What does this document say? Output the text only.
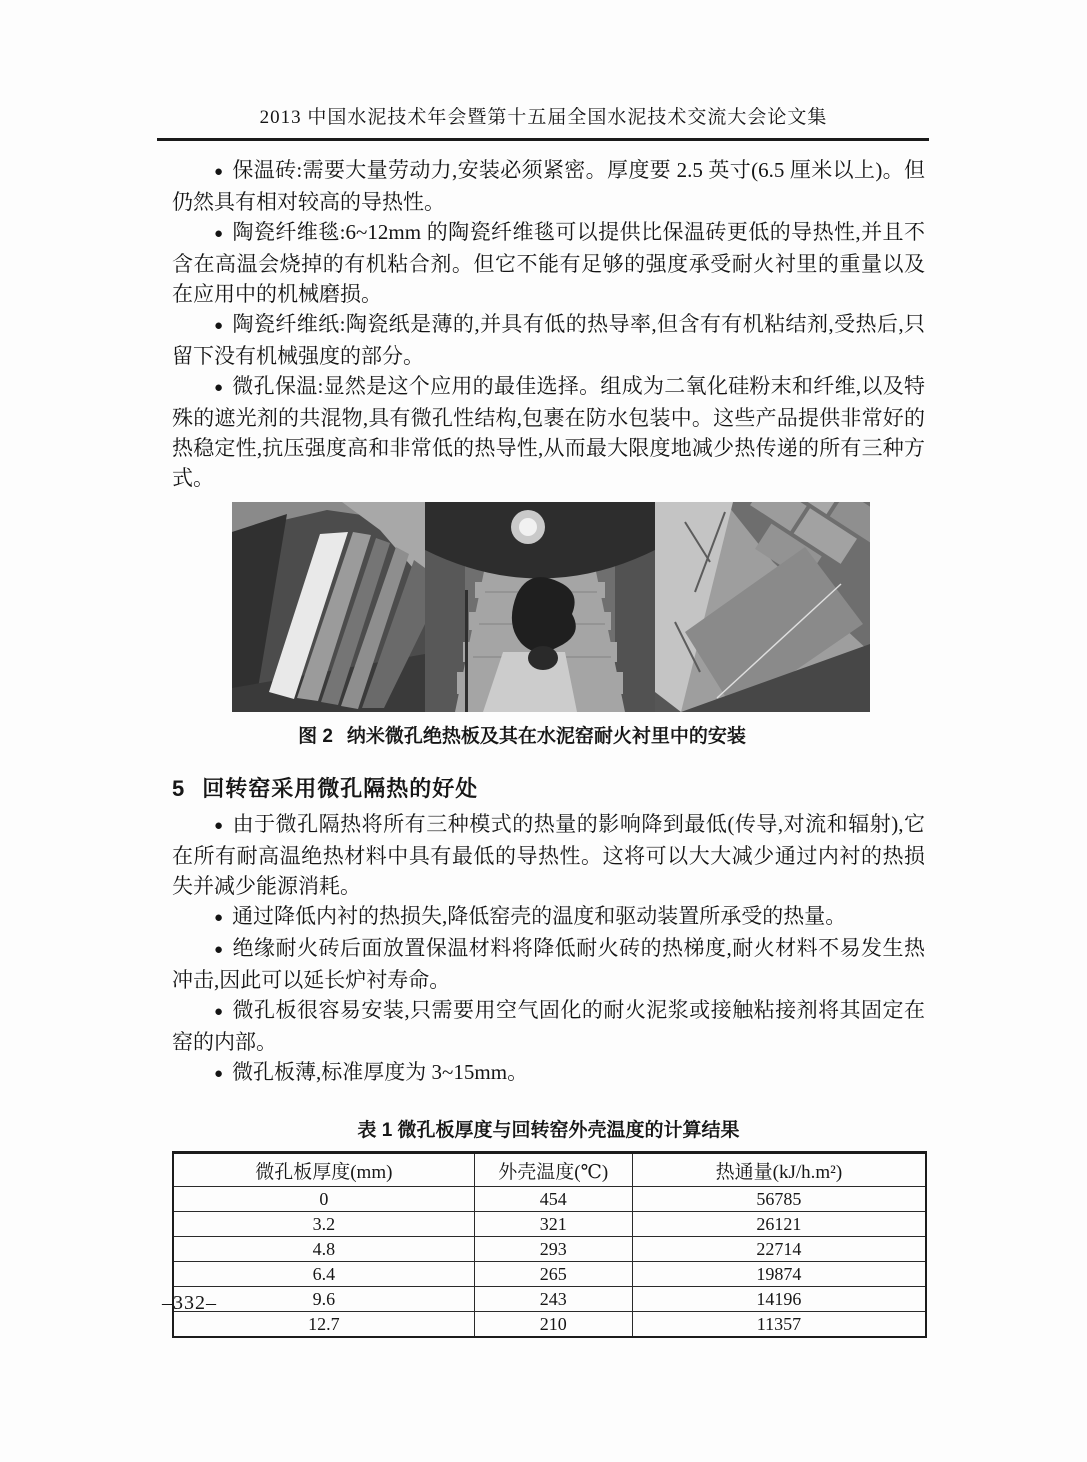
2013 中国水泥技术年会暨第十五届全国水泥技术交流大会论文集

● 保温砖:需要大量劳动力,安装必须紧密。厚度要 2.5 英寸(6.5 厘米以上)。但仍然具有相对较高的导热性。

● 陶瓷纤维毯:6~12mm 的陶瓷纤维毯可以提供比保温砖更低的导热性,并且不含在高温会烧掉的有机粘合剂。但它不能有足够的强度承受耐火衬里的重量以及在应用中的机械磨损。

● 陶瓷纤维纸:陶瓷纸是薄的,并具有低的热导率,但含有有机粘结剂,受热后,只留下没有机械强度的部分。

● 微孔保温:显然是这个应用的最佳选择。组成为二氧化硅粉末和纤维,以及特殊的遮光剂的共混物,具有微孔性结构,包裹在防水包装中。这些产品提供非常好的热稳定性,抗压强度高和非常低的热导性,从而最大限度地减少热传递的所有三种方式。

图 2 纳米微孔绝热板及其在水泥窑耐火衬里中的安装
5 回转窑采用微孔隔热的好处

● 由于微孔隔热将所有三种模式的热量的影响降到最低(传导,对流和辐射),它在所有耐高温绝热材料中具有最低的导热性。这将可以大大减少通过内衬的热损失并减少能源消耗。

● 通过降低内衬的热损失,降低窑壳的温度和驱动装置所承受的热量。

● 绝缘耐火砖后面放置保温材料将降低耐火砖的热梯度,耐火材料不易发生热冲击,因此可以延长炉衬寿命。

● 微孔板很容易安装,只需要用空气固化的耐火泥浆或接触粘接剂将其固定在窑的内部。

● 微孔板薄,标准厚度为 3~15mm。

表 1 微孔板厚度与回转窑外壳温度的计算结果
微孔板厚度(mm)	外壳温度(℃)	热通量(kJ/h.m²)
0	454	56785
3.2	321	26121
4.8	293	22714
6.4	265	19874
9.6	243	14196
12.7	210	11357
–332–
